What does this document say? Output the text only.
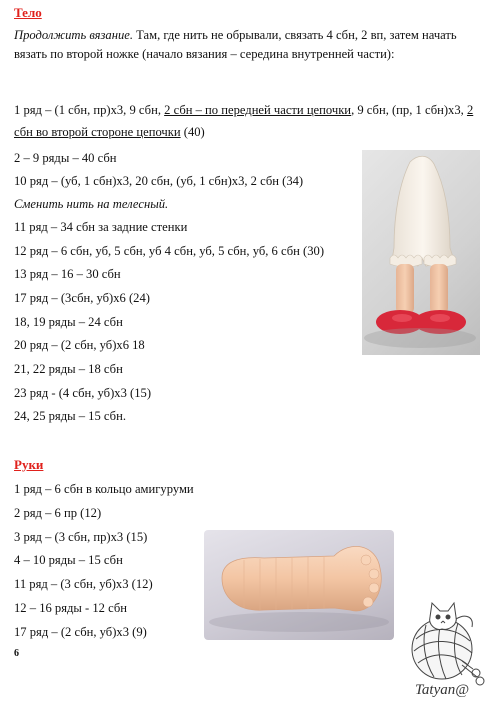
Тело
Продолжить вязание. Там, где нить не обрывали, связать 4 сбн, 2 вп, затем начать вязать по второй ножке (начало вязания – середина внутренней части):
1 ряд – (1 сбн, пр)х3, 9 сбн, 2 сбн – по передней части цепочки, 9 сбн, (пр, 1 сбн)х3, 2 сбн во второй стороне цепочки (40)
2 – 9 ряды – 40 сбн
10 ряд – (уб, 1 сбн)х3, 20 сбн, (уб, 1 сбн)х3, 2 сбн (34)
Сменить нить на телесный.
11 ряд – 34 сбн за задние стенки
12 ряд – 6 сбн, уб, 5 сбн, уб 4 сбн, уб, 5 сбн, уб, 6 сбн (30)
13 ряд – 16 – 30 сбн
17 ряд – (3сбн, уб)х6 (24)
18, 19 ряды – 24 сбн
20 ряд – (2 сбн, уб)х6 18
21, 22 ряды – 18 сбн
23 ряд - (4 сбн, уб)х3 (15)
24, 25 ряды – 15 сбн.
Руки
1 ряд – 6 сбн в кольцо амигуруми
2 ряд – 6 пр (12)
3 ряд – (3 сбн, пр)х3 (15)
4 – 10 ряды – 15 сбн
11 ряд – (3 сбн, уб)х3 (12)
12 – 16 ряды - 12 сбн
17 ряд – (2 сбн, уб)х3 (9)
6
Tatyan@
